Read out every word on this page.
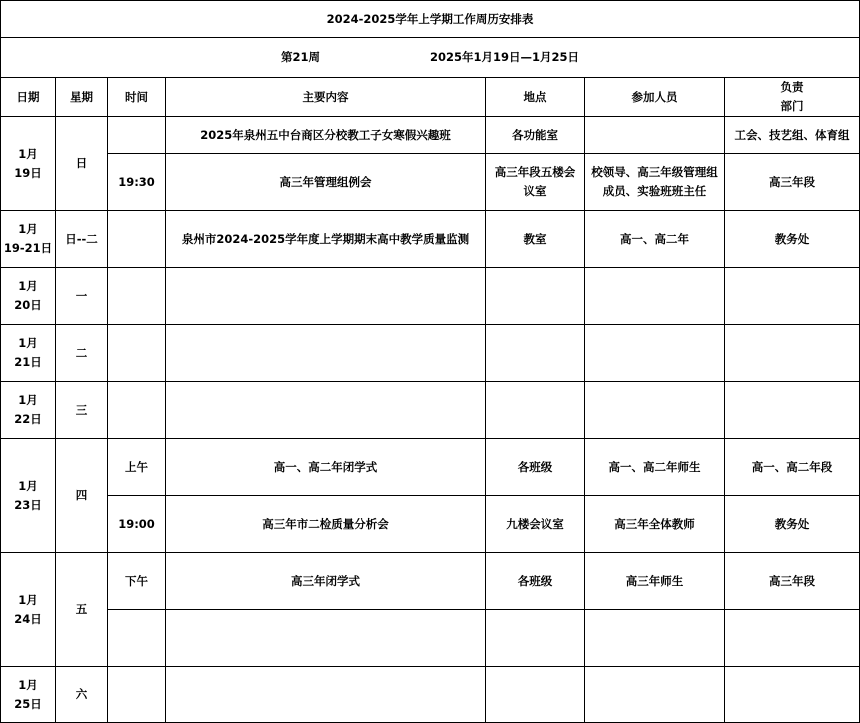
2024-2025学年上学期工作周历安排表						
第21周 2025年1月19日—1月25日						
日期	星期	时间	主要内容	地点	参加人员	负责
部门
1月
19日	日		2025年泉州五中台商区分校教工子女寒假兴趣班	各功能室		工会、技艺组、体育组
		19:30	高三年管理组例会	高三年段五楼会
议室	校领导、高三年级管理组
成员、实验班班主任	高三年段
1月
19-21日	日--二		泉州市2024-2025学年度上学期期末高中教学质量监测	教室	高一、高二年	教务处
1月
20日	一					
1月
21日	二					
1月
22日	三					
1月
23日	四	上午	高一、高二年闭学式	各班级	高一、高二年师生	高一、高二年段
		19:00	高三年市二检质量分析会	九楼会议室	高三年全体教师	教务处
1月
24日	五	下午	高三年闭学式	各班级	高三年师生	高三年段

1月
25日	六					
